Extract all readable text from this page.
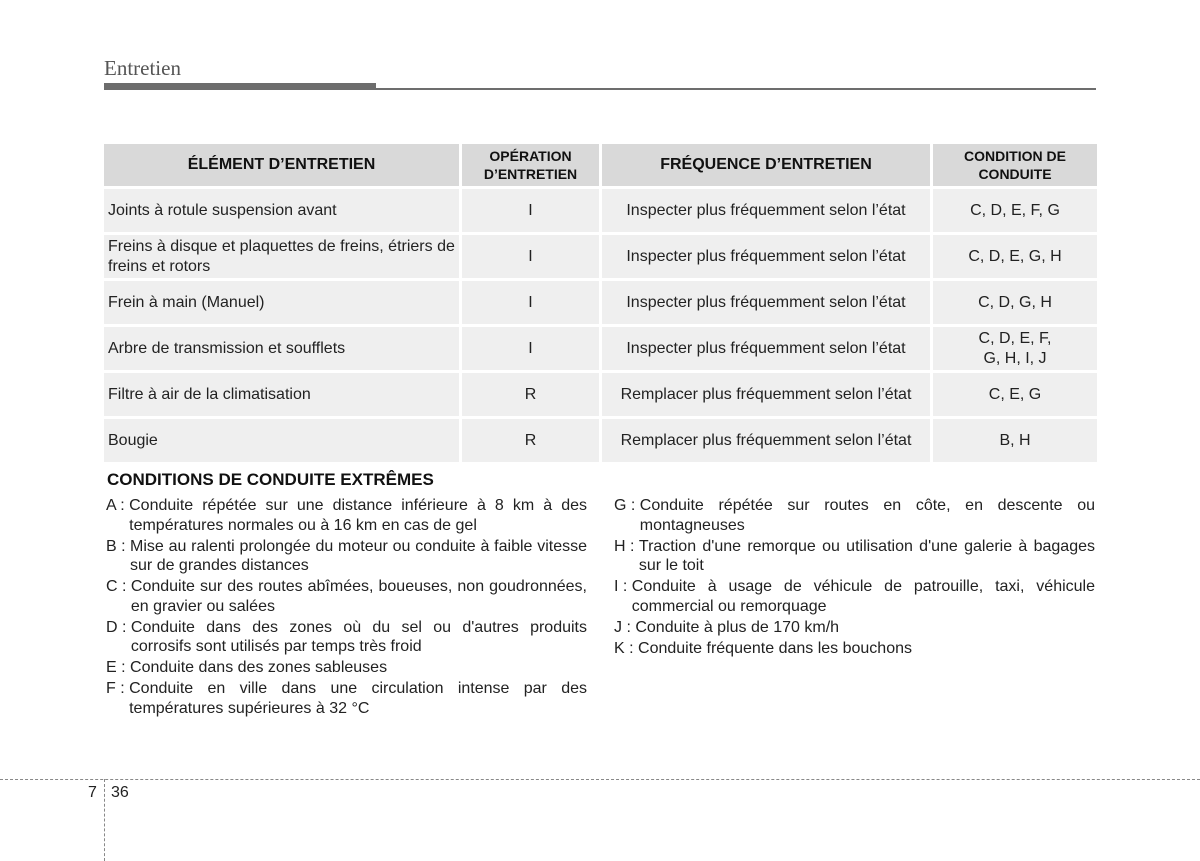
Entretien
ÉLÉMENT D’ENTRETIEN	OPÉRATION D’ENTRETIEN	FRÉQUENCE D’ENTRETIEN	CONDITION DE CONDUITE
Joints à rotule suspension avant	I	Inspecter plus fréquemment selon l’état	C, D, E, F, G
Freins à disque et plaquettes de freins, étriers de freins et rotors	I	Inspecter plus fréquemment selon l’état	C, D, E, G, H
Frein à main (Manuel)	I	Inspecter plus fréquemment selon l’état	C, D, G, H
Arbre de transmission et soufflets	I	Inspecter plus fréquemment selon l’état	C, D, E, F, G, H, I, J
Filtre à air de la climatisation	R	Remplacer plus fréquemment selon l’état	C, E, G
Bougie	R	Remplacer plus fréquemment selon l’état	B, H
CONDITIONS DE CONDUITE EXTRÊMES
A : Conduite répétée sur une distance inférieure à 8 km à des températures normales ou à 16 km en cas de gel
B : Mise au ralenti prolongée du moteur ou conduite à faible vitesse sur de grandes distances
C : Conduite sur des routes abîmées, boueuses, non goudronnées, en gravier ou salées
D : Conduite dans des zones où du sel ou d'autres produits corrosifs sont utilisés par temps très froid
E : Conduite dans des zones sableuses
F : Conduite en ville dans une circulation intense par des températures supérieures à 32 °C
G : Conduite répétée sur routes en côte, en descente ou montagneuses
H : Traction d'une remorque ou utilisation d'une galerie à bagages sur le toit
I : Conduite à usage de véhicule de patrouille, taxi, véhicule commercial ou remorquage
J : Conduite à plus de 170 km/h
K : Conduite fréquente dans les bouchons
7 36
